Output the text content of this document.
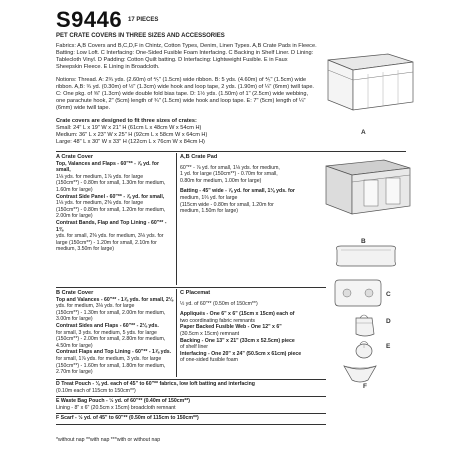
S9446 17 PIECES
PET CRATE COVERS IN THREE SIZES AND ACCESSORIES
Fabrics: A,B Covers and B,C,D,F in Chintz, Cotton Types, Denim, Linen Types. A,B Crate Pads in Fleece.
Batting: Low Loft. C Interfacing: One-Sided Fusible Foam Interfacing. C Backing in Shelf Liner. D Lining:
Tablecloth Vinyl. D Padding: Cotton Quilt batting. D Interfacing: Lightweight Fusible. E in Faux
Sheepskin Fleece. E Lining in Broadcloth.
Notions: Thread. A: 2¾ yds. (2.60m) of ⅘" (1.5cm) wide ribbon. B: 5 yds. (4.60m) of ⅘" (1.5cm) wide
ribbon. A,B: ¾ yd. (0.30m) of ½" (1.3cm) wide hook and loop tape, 2 yds. (1.90m) of ¼" (6mm) twill tape.
C: One pkg. of ⅝" (1.3cm) wide double fold bias tape. D: 1½ yds. (1.50m) of 1" (2.5cm) wide webbing,
one parachute hook, 2" (5cm) length of ¾" (1.5cm) wide hook and loop tape. E: 7" (5cm) length of ¼"
(6mm) wide twill tape.
Crate covers are designed to fit three sizes of crates:
Small: 24" L x 19" W x 21" H (61cm L x 48cm W x 54cm H)
Medium: 36" L x 23" W x 25" H (92cm L x 58cm W x 64cm H)
Large: 48" L x 30" W x 33" H (122cm L x 76cm W x 84cm H)
A
A Crate Cover
Top, Valances and Flaps - 60"** - ⅞ yd. for small,
1⅛ yds. for medium, 1⅞ yds. for large
(150cm**) - 0.80m for small, 1.30m for medium,
1.60m for large)
Contrast Side Panel - 60"** - ⅞ yd. for small,
1⅛ yds. for medium, 2⅜ yds. for large
(150cm**) - 0.80m for small, 1.20m for medium,
2.00m for large)
Contrast Bands, Flap and Top Lining - 60"** - 1⅜
yds. for small, 2⅜ yds. for medium, 3⅛ yds. for
large (150cm**) - 1.20m for small, 2.10m for
medium, 3.50m for large)
A,B Crate Pad
60"** - ⅞ yd. for small, 1⅛ yds. for medium,
1 yd. for large (150cm**) - 0.70m for small,
0.80m for medium, 1.00m for large)
Batting - 45" wide - ⅞ yd. for small, 1⅛ yds. for
medium, 1⅔ yd. for large
(115cm wide - 0.80m for small, 1.20m for
medium, 1.50m for large)
B
B Crate Cover
Top and Valances - 60"** - 1⅞ yds. for small, 2⅛
yds. for medium, 3⅛ yds. for large
(150cm**) - 1.30m for small, 2.00m for medium,
3.00m for large)
Contrast Sides and Flaps - 60"** - 2⅛ yds.
for small, 3 yds. for medium, 5 yds. for large
(150cm**) - 2.00m for small, 2.80m for medium,
4.50m for large)
Contrast Flaps and Top Lining - 60"** - 1⅞ yds.
for small, 1⅞ yds. for medium, 3 yds. for large
(150cm**) - 1.60m for small, 1.80m for medium,
2.70m for large)
C Placemat
½ yd. of 60"** (0.50m of 150cm**)
Appliqués - One 6" x 6" (15cm x 15cm) each of
two coordinating fabric remnants
Paper Backed Fusible Web - One 12" x 6"
(30.5cm x 15cm) remnant
Backing - One 13" x 21" (33cm x 52.5cm) piece
of shelf liner
Interfacing - One 20" x 24" (50.5cm x 61cm) piece
of one-sided fusible foam
C
D
E
F
D Treat Pouch - ⅛ yd. each of 45" to 60"** fabrics, low loft batting and interfacing
(0.10m each of 115cm to 150cm**)
E Waste Bag Pouch - ½ yd. of 60"** (0.40m of 150cm**)
Lining - 8" x 6" (20.5cm x 15cm) broadcloth remnant
F Scarf - ½ yd. of 45" to 60"** (0.50m of 115cm to 150cm**)
*without nap **with nap ***with or without nap
